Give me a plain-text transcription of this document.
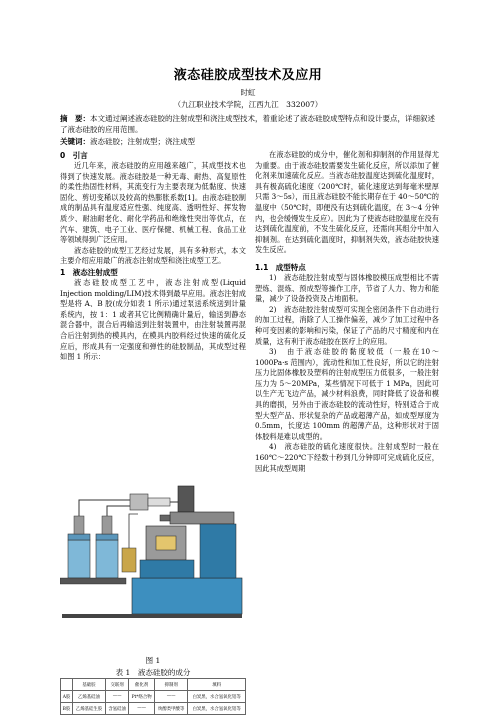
液态硅胶成型技术及应用
时虹
（九江职业技术学院，江西九江　332007）
摘　要：本文通过阐述液态硅胶的注射成型和浇注成型技术，着重论述了液态硅胶成型特点和设计要点，详细叙述了液态硅胶的应用范围。
关键词：液态硅胶；注射成型；浇注成型

0　引言

近几年来，液态硅胶的应用越来越广，其成型技术也得到了快速发展。液态硅胶是一种无毒、耐热、高复原性的柔性热固性材料，其流变行为主要表现为低黏度、快速固化、剪切变稀以及较高的热膨胀系数[1]。由液态硅胶制成的制品具有温度适应性强、纯度高、透明性好、挥发物质少、耐油耐老化、耐化学药品和绝缘性突出等优点，在汽车、建筑、电子工业、医疗保健、机械工程、食品工业等领域得到广泛应用。

液态硅胶的成型工艺经过发展，具有多种形式，本文主要介绍应用最广的液态注射成型和浇注成型工艺。

1　液态注射成型

液态硅胶成型工艺中，液态注射成型(Liquid Injection molding/LIM)技术得到最早应用。液态注射成型是将 A、B 胶(成分如表 1 所示)通过泵送系统送到计量系统内，按 1：1 或者其它比例精确计量后，输送到静态混合器中，混合后再输送到注射装置中，由注射装置再混合后注射到热的模具内，在模具内胶料经过快速的硫化反应后，形成具有一定强度和弹性的硅胶制品，其成型过程如图 1 所示：

图 1
表 1　液态硅胶的成分
	基础胶	交联剂	催化剂	抑制剂	填料
A胶	乙烯基硅油	——	Pt*络合物	——	白炭黑，水合氢氧化铝等
B胶	乙烯基硅生胶	含氢硅油	——	炔醇类甲酸等	白炭黑，水合氢氧化铝等

在液态硅胶的成分中，催化剂和抑制剂的作用显得尤为重要。由于液态硅胶需要发生硫化反应，所以添加了催化剂来加速硫化反应。当液态硅胶温度达到硫化温度时，具有极高硫化速度（200℃时，硫化速度达到每毫米壁厚只需 3～5s），而且液态硅胶不能长期存在于 40～50℃的温度中（50℃时，即便没有达到硫化温度，在 3～4 分钟内，也会缓慢发生反应）。因此为了使液态硅胶温度在没有达到硫化温度前，不发生硫化反应，还需向其组分中加入抑制剂。在达到硫化温度时，抑制剂失效，液态硅胶快速发生反应。

1.1　成型特点

1)　液态硅胶注射成型与固体橡胶模压成型相比不需塑炼、混炼、预成型等操作工序，节省了人力、物力和能量，减少了设备投资及占地面积。

2)　液态硅胶注射成型可实现全密闭条件下自动进行的加工过程，消除了人工操作偏差，减少了加工过程中各种可变因素的影响和污染，保证了产品的尺寸精度和内在质量，这有利于液态硅胶在医疗上的应用。

3)　由于液态硅胶的黏度较低（一般在10～1000Pa·s 范围内），流动性和加工性良好，所以它的注射压力比固体橡胶及塑料的注射成型压力低很多，一般注射压力为 5～20MPa，某些情况下可低于 1 MPa，因此可以生产无飞边产品，减少材料浪费，同时降低了设备和模具的磨损，另外由于液态硅胶的流动性好，特别适合于成型大型产品、形状复杂的产品或超薄产品，如成型厚度为0.5mm，长度达 100mm 的超薄产品，这种形状对于固体胶料是难以成型的。

4)　液态硅胶的硫化速度很快。注射成型时一般在 160℃～220℃下经数十秒到几分钟即可完成硫化反应，因此其成型周期
